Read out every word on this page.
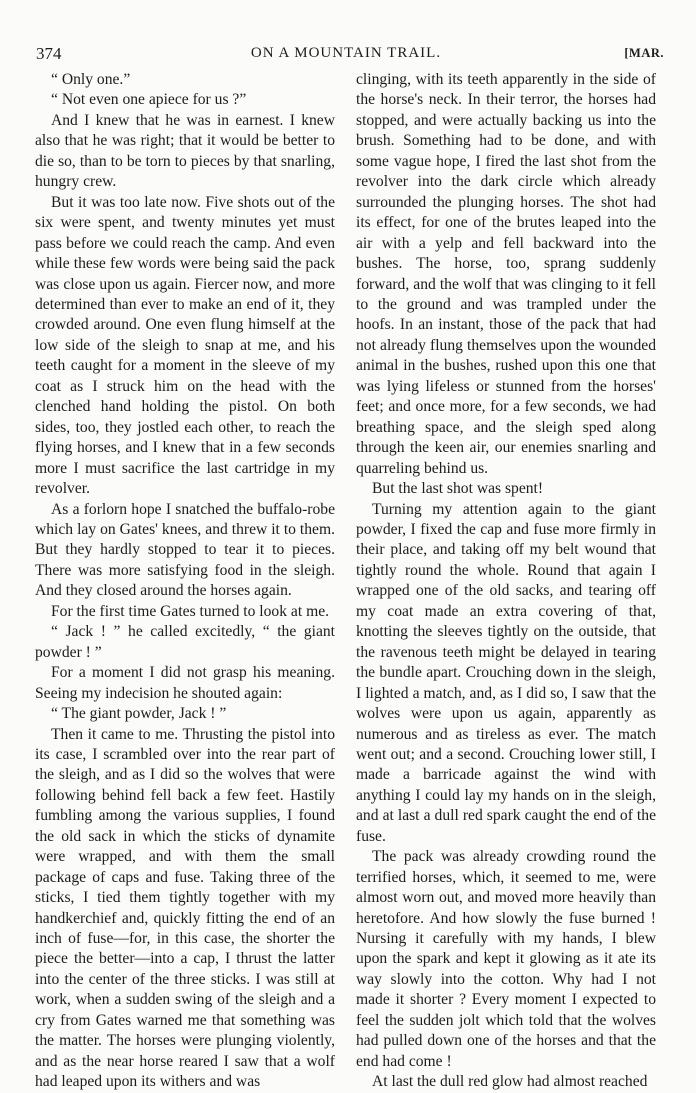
374	ON A MOUNTAIN TRAIL.	[MAR.

“ Only one.”

“ Not even one apiece for us ?”

And I knew that he was in earnest. I knew also that he was right; that it would be better to die so, than to be torn to pieces by that snarling, hungry crew.

But it was too late now. Five shots out of the six were spent, and twenty minutes yet must pass before we could reach the camp. And even while these few words were being said the pack was close upon us again. Fiercer now, and more determined than ever to make an end of it, they crowded around. One even flung himself at the low side of the sleigh to snap at me, and his teeth caught for a moment in the sleeve of my coat as I struck him on the head with the clenched hand holding the pistol. On both sides, too, they jostled each other, to reach the flying horses, and I knew that in a few seconds more I must sacrifice the last cartridge in my revolver.

As a forlorn hope I snatched the buffalo-robe which lay on Gates' knees, and threw it to them. But they hardly stopped to tear it to pieces. There was more satisfying food in the sleigh. And they closed around the horses again.

For the first time Gates turned to look at me.

“ Jack ! ” he called excitedly, “ the giant powder ! ”

For a moment I did not grasp his meaning. Seeing my indecision he shouted again:

“ The giant powder, Jack ! ”

Then it came to me. Thrusting the pistol into its case, I scrambled over into the rear part of the sleigh, and as I did so the wolves that were following behind fell back a few feet. Hastily fumbling among the various supplies, I found the old sack in which the sticks of dynamite were wrapped, and with them the small package of caps and fuse. Taking three of the sticks, I tied them tightly together with my handkerchief and, quickly fitting the end of an inch of fuse—for, in this case, the shorter the piece the better—into a cap, I thrust the latter into the center of the three sticks. I was still at work, when a sudden swing of the sleigh and a cry from Gates warned me that something was the matter. The horses were plunging violently, and as the near horse reared I saw that a wolf had leaped upon its withers and was

clinging, with its teeth apparently in the side of the horse's neck. In their terror, the horses had stopped, and were actually backing us into the brush. Something had to be done, and with some vague hope, I fired the last shot from the revolver into the dark circle which already surrounded the plunging horses. The shot had its effect, for one of the brutes leaped into the air with a yelp and fell backward into the bushes. The horse, too, sprang suddenly forward, and the wolf that was clinging to it fell to the ground and was trampled under the hoofs. In an instant, those of the pack that had not already flung themselves upon the wounded animal in the bushes, rushed upon this one that was lying lifeless or stunned from the horses' feet; and once more, for a few seconds, we had breathing space, and the sleigh sped along through the keen air, our enemies snarling and quarreling behind us.

But the last shot was spent!

Turning my attention again to the giant powder, I fixed the cap and fuse more firmly in their place, and taking off my belt wound that tightly round the whole. Round that again I wrapped one of the old sacks, and tearing off my coat made an extra covering of that, knotting the sleeves tightly on the outside, that the ravenous teeth might be delayed in tearing the bundle apart. Crouching down in the sleigh, I lighted a match, and, as I did so, I saw that the wolves were upon us again, apparently as numerous and as tireless as ever. The match went out; and a second. Crouching lower still, I made a barricade against the wind with anything I could lay my hands on in the sleigh, and at last a dull red spark caught the end of the fuse.

The pack was already crowding round the terrified horses, which, it seemed to me, were almost worn out, and moved more heavily than heretofore. And how slowly the fuse burned ! Nursing it carefully with my hands, I blew upon the spark and kept it glowing as it ate its way slowly into the cotton. Why had I not made it shorter ? Every moment I expected to feel the sudden jolt which told that the wolves had pulled down one of the horses and that the end had come !

At last the dull red glow had almost reached
